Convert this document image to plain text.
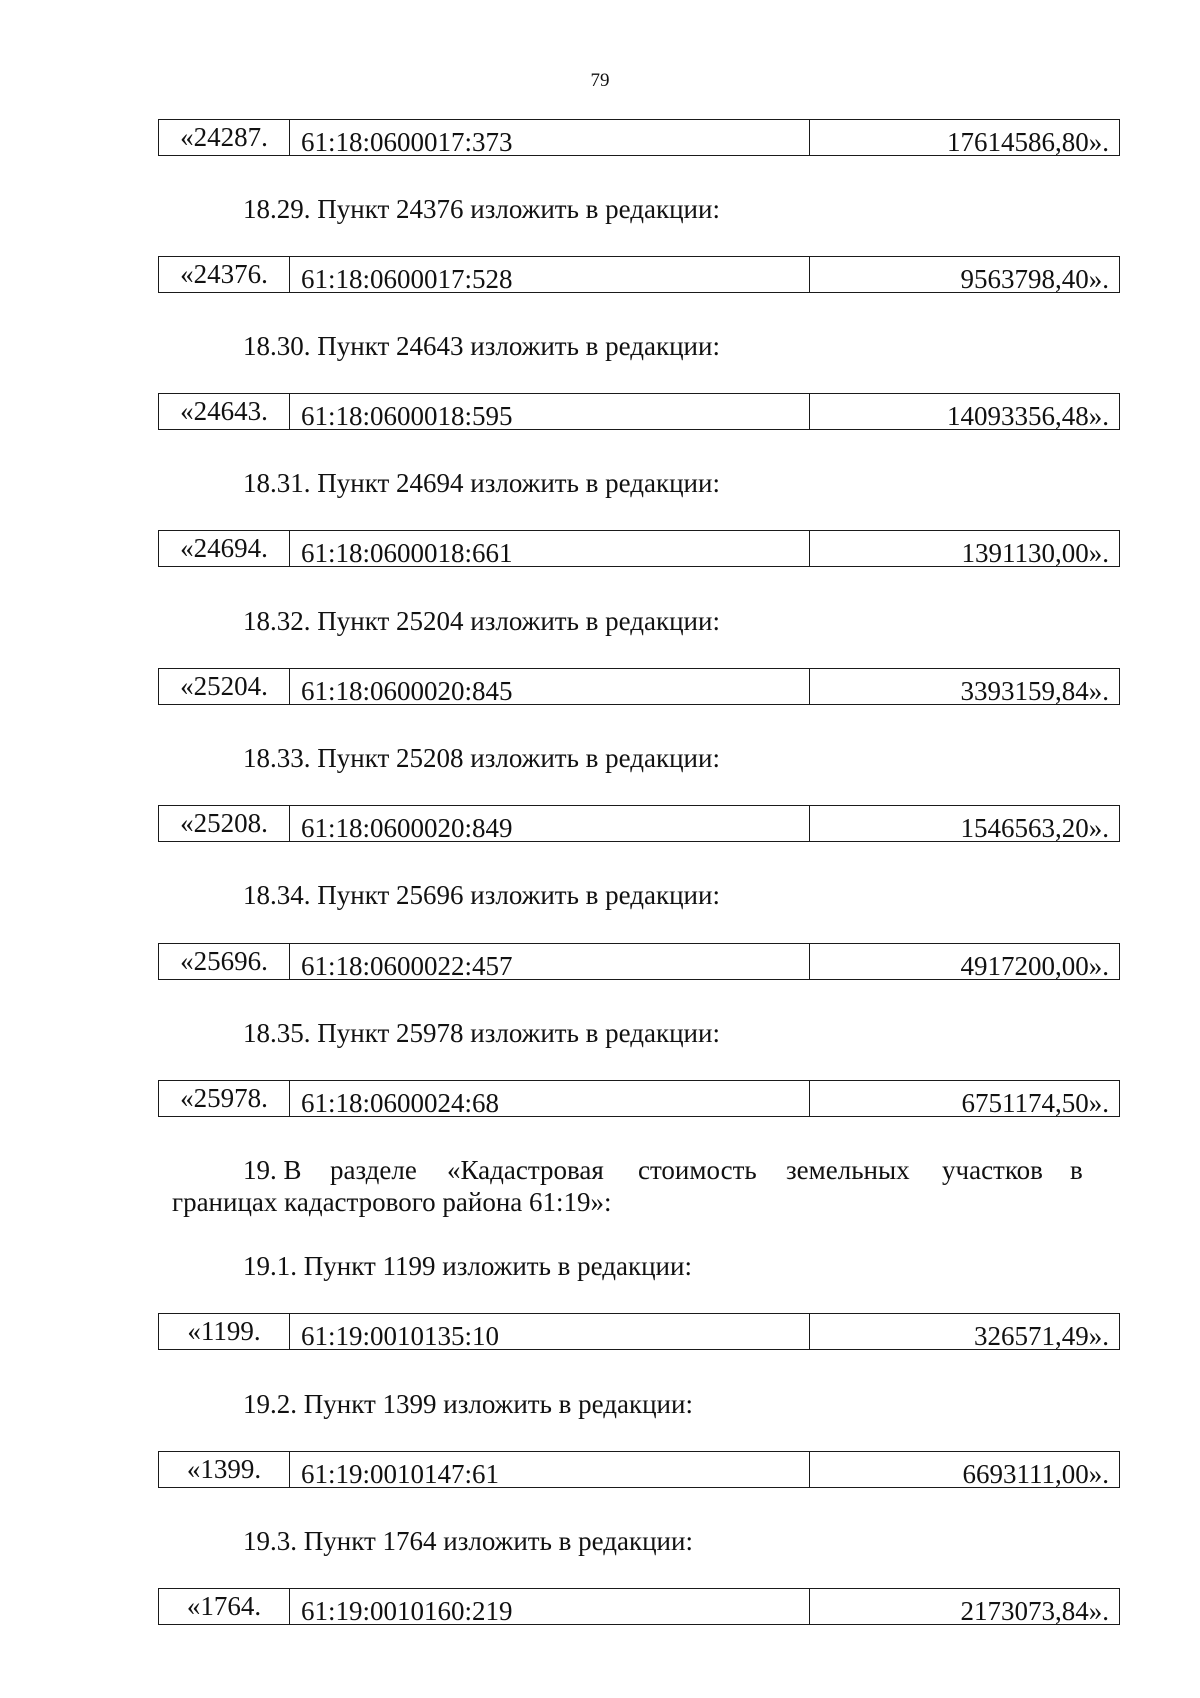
79
«24287.	61:18:0600017:373	17614586,80».
18.29. Пункт 24376 изложить в редакции:
«24376.	61:18:0600017:528	9563798,40».
18.30. Пункт 24643 изложить в редакции:
«24643.	61:18:0600018:595	14093356,48».
18.31. Пункт 24694 изложить в редакции:
«24694.	61:18:0600018:661	1391130,00».
18.32. Пункт 25204 изложить в редакции:
«25204.	61:18:0600020:845	3393159,84».
18.33. Пункт 25208 изложить в редакции:
«25208.	61:18:0600020:849	1546563,20».
18.34. Пункт 25696 изложить в редакции:
«25696.	61:18:0600022:457	4917200,00».
18.35. Пункт 25978 изложить в редакции:
«25978.	61:18:0600024:68	6751174,50».
19. В разделе «Кадастровая стоимость земельных участков в
границах кадастрового района 61:19»:
19.1. Пункт 1199 изложить в редакции:
«1199.	61:19:0010135:10	326571,49».
19.2. Пункт 1399 изложить в редакции:
«1399.	61:19:0010147:61	6693111,00».
19.3. Пункт 1764 изложить в редакции:
«1764.	61:19:0010160:219	2173073,84».
